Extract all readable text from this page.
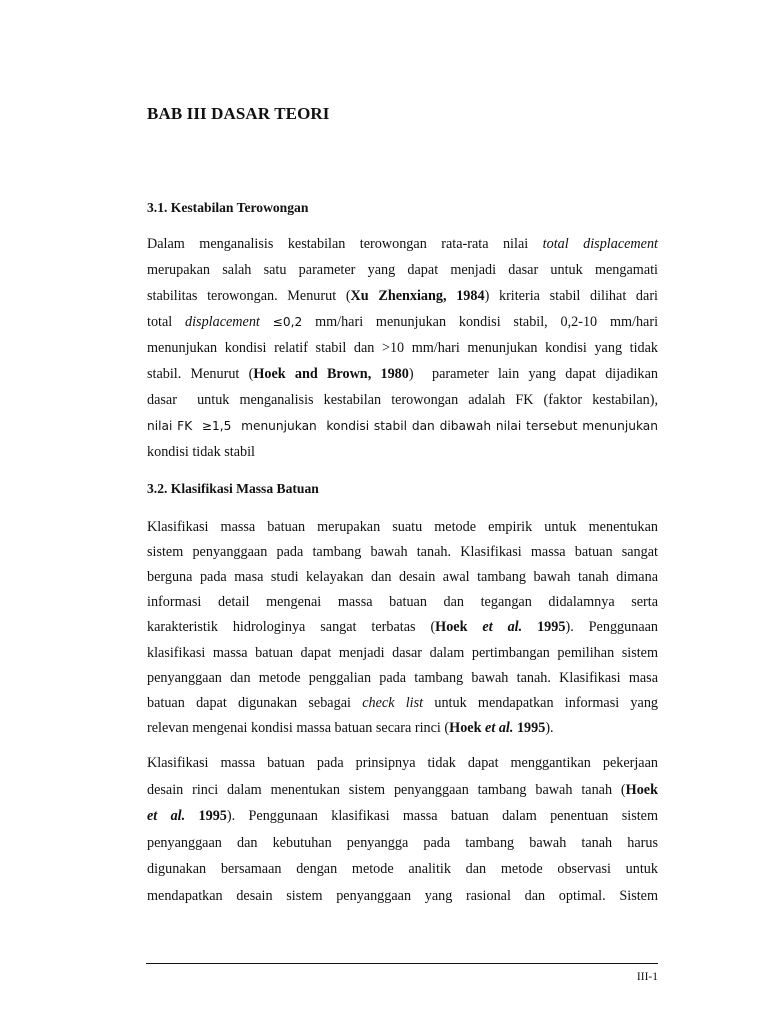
BAB III DASAR TEORI
3.1. Kestabilan Terowongan
Dalam menganalisis kestabilan terowongan rata-rata nilai total displacement
merupakan salah satu parameter yang dapat menjadi dasar untuk mengamati
stabilitas terowongan. Menurut (Xu Zhenxiang, 1984) kriteria stabil dilihat dari
total displacement ≤0,2 mm/hari menunjukan kondisi stabil, 0,2-10 mm/hari
menunjukan kondisi relatif stabil dan >10 mm/hari menunjukan kondisi yang tidak
stabil. Menurut (Hoek and Brown, 1980)  parameter lain yang dapat dijadikan
dasar  untuk menganalisis kestabilan terowongan adalah FK (faktor kestabilan),
nilai FK  ≥1,5  menunjukan  kondisi stabil dan dibawah nilai tersebut menunjukan
kondisi tidak stabil
3.2. Klasifikasi Massa Batuan
Klasifikasi massa batuan merupakan suatu metode empirik untuk menentukan
sistem penyanggaan pada tambang bawah tanah. Klasifikasi massa batuan sangat
berguna pada masa studi kelayakan dan desain awal tambang bawah tanah dimana
informasi detail mengenai massa batuan dan tegangan didalamnya serta
karakteristik hidrologinya sangat terbatas (Hoek et al. 1995). Penggunaan
klasifikasi massa batuan dapat menjadi dasar dalam pertimbangan pemilihan sistem
penyanggaan dan metode penggalian pada tambang bawah tanah. Klasifikasi masa
batuan dapat digunakan sebagai check list untuk mendapatkan informasi yang
relevan mengenai kondisi massa batuan secara rinci (Hoek et al. 1995).
Klasifikasi massa batuan pada prinsipnya tidak dapat menggantikan pekerjaan
desain rinci dalam menentukan sistem penyanggaan tambang bawah tanah (Hoek
et al. 1995). Penggunaan klasifikasi massa batuan dalam penentuan sistem
penyanggaan dan kebutuhan penyangga pada tambang bawah tanah harus
digunakan bersamaan dengan metode analitik dan metode observasi untuk
mendapatkan desain sistem penyanggaan yang rasional dan optimal. Sistem
III-1
